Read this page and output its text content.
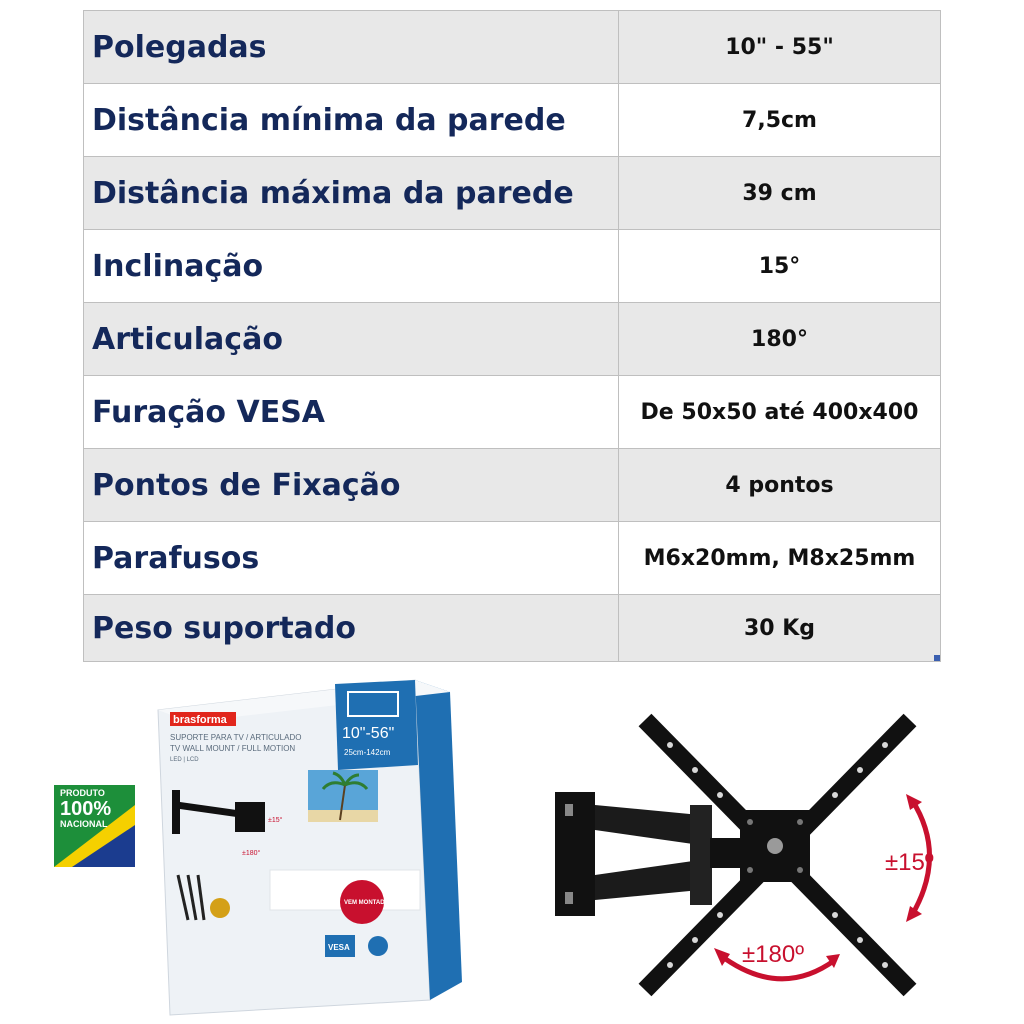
Polegadas	10" - 55"
Distância mínima da parede	7,5cm
Distância máxima da parede	39 cm
Inclinação	15°
Articulação	180°
Furação VESA	De 50x50 até 400x400
Pontos de Fixação	4 pontos
Parafusos	M6x20mm, M8x25mm
Peso suportado	30 Kg
PRODUTO
100%
NACIONAL
10"-56"
25cm-142cm
brasforma
SUPORTE PARA TV / ARTICULADO
TV WALL MOUNT / FULL MOTION
LED | LCD
±15°
±180°
VEM MONTADO
VESA
±15º
±180º
